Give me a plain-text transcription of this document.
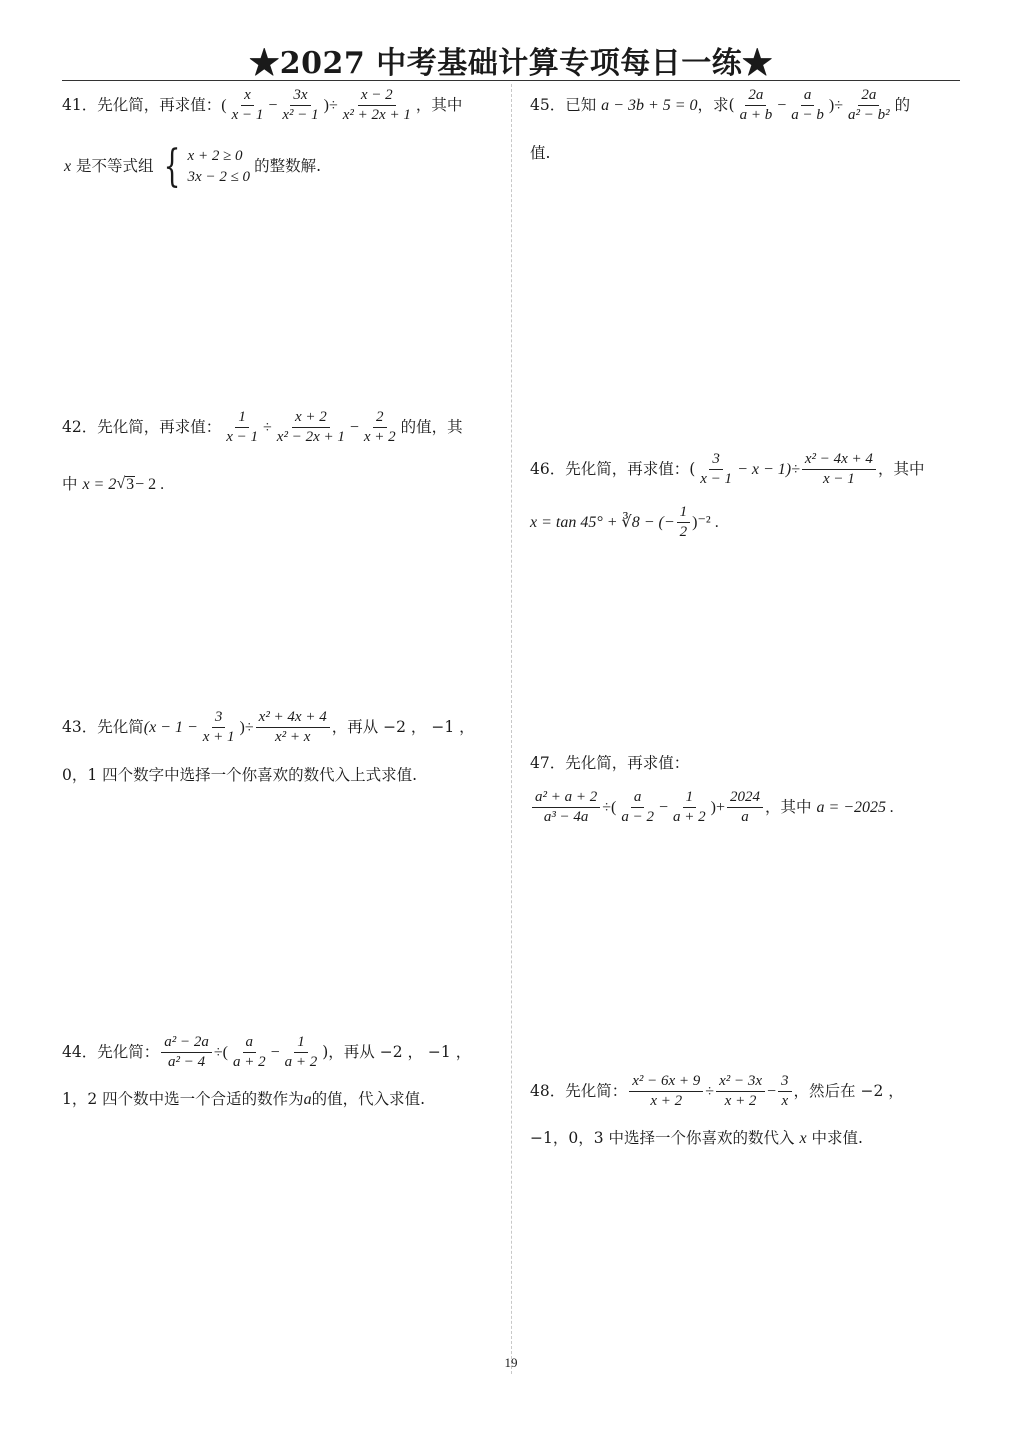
★2027 中考基础计算专项每日一练★
41．先化简，再求值： ( $\frac{x}{x - 1} - \frac{3x}{\text{x² − 1}}$ ) ÷ $\frac{x - 2}{\text{x² + 2x + 1}}$ ，其中
x 是不等式组 { x + 2 ≥ 0
3x − 2 ≤ 0
的整数解.
42．先化简，再求值： $\frac{1}{x - 1} \div \frac{x + 2}{\text{x² − 2x + 1}} - \frac{2}{x + 2}$ 的值，其
中 x = 2 √ 3 − 2 .
43．先化简 ($x - 1 - \frac{3}{x + 1}$ )÷ $\frac{\text{x² + 4x + 4}}{\text{x² + x}}$ ，再从 −2 ， −1 ，
0，1 四个数字中选择一个你喜欢的数代入上式求值.
44．先化简： $\frac{\text{a² − 2a}}{\text{a² − 4}}$ ÷( $\frac{a}{a + 2} - \frac{1}{a + 2}$ )，再从 −2 ， −1 ，
1，2 四个数中选一个合适的数作为 a 的值，代入求值.
45．已知 a − 3b + 5 = 0 ，求( $\frac{2a}{a + b} - \frac{a}{a - b}$ )÷ $\frac{2a}{\text{a² − b²}}$ 的
值.
46．先化简，再求值：( $\frac{3}{x - 1} - x - 1)\div \frac{\text{x² − 4x + 4}}{x - 1}$ ，其中
x = tan 45° + ∛8 − (− $\frac{1}{2} )^{-2}$ .
47．先化简，再求值：
$\frac{\text{a² + a + 2}}{\text{a³ − 4a}}$ ÷( $\frac{a}{a - 2} - \frac{1}{a + 2}$ )+ $\frac{2024}{a}$ ，其中 a = −2025 .
48．先化简： $\frac{\text{x² − 6x + 9}}{x + 2} \div \frac{\text{x² − 3x}}{x + 2} - \frac{3}{x}$ ，然后在 −2 ，
−1，0，3 中选择一个你喜欢的数代入 x 中求值.
19
